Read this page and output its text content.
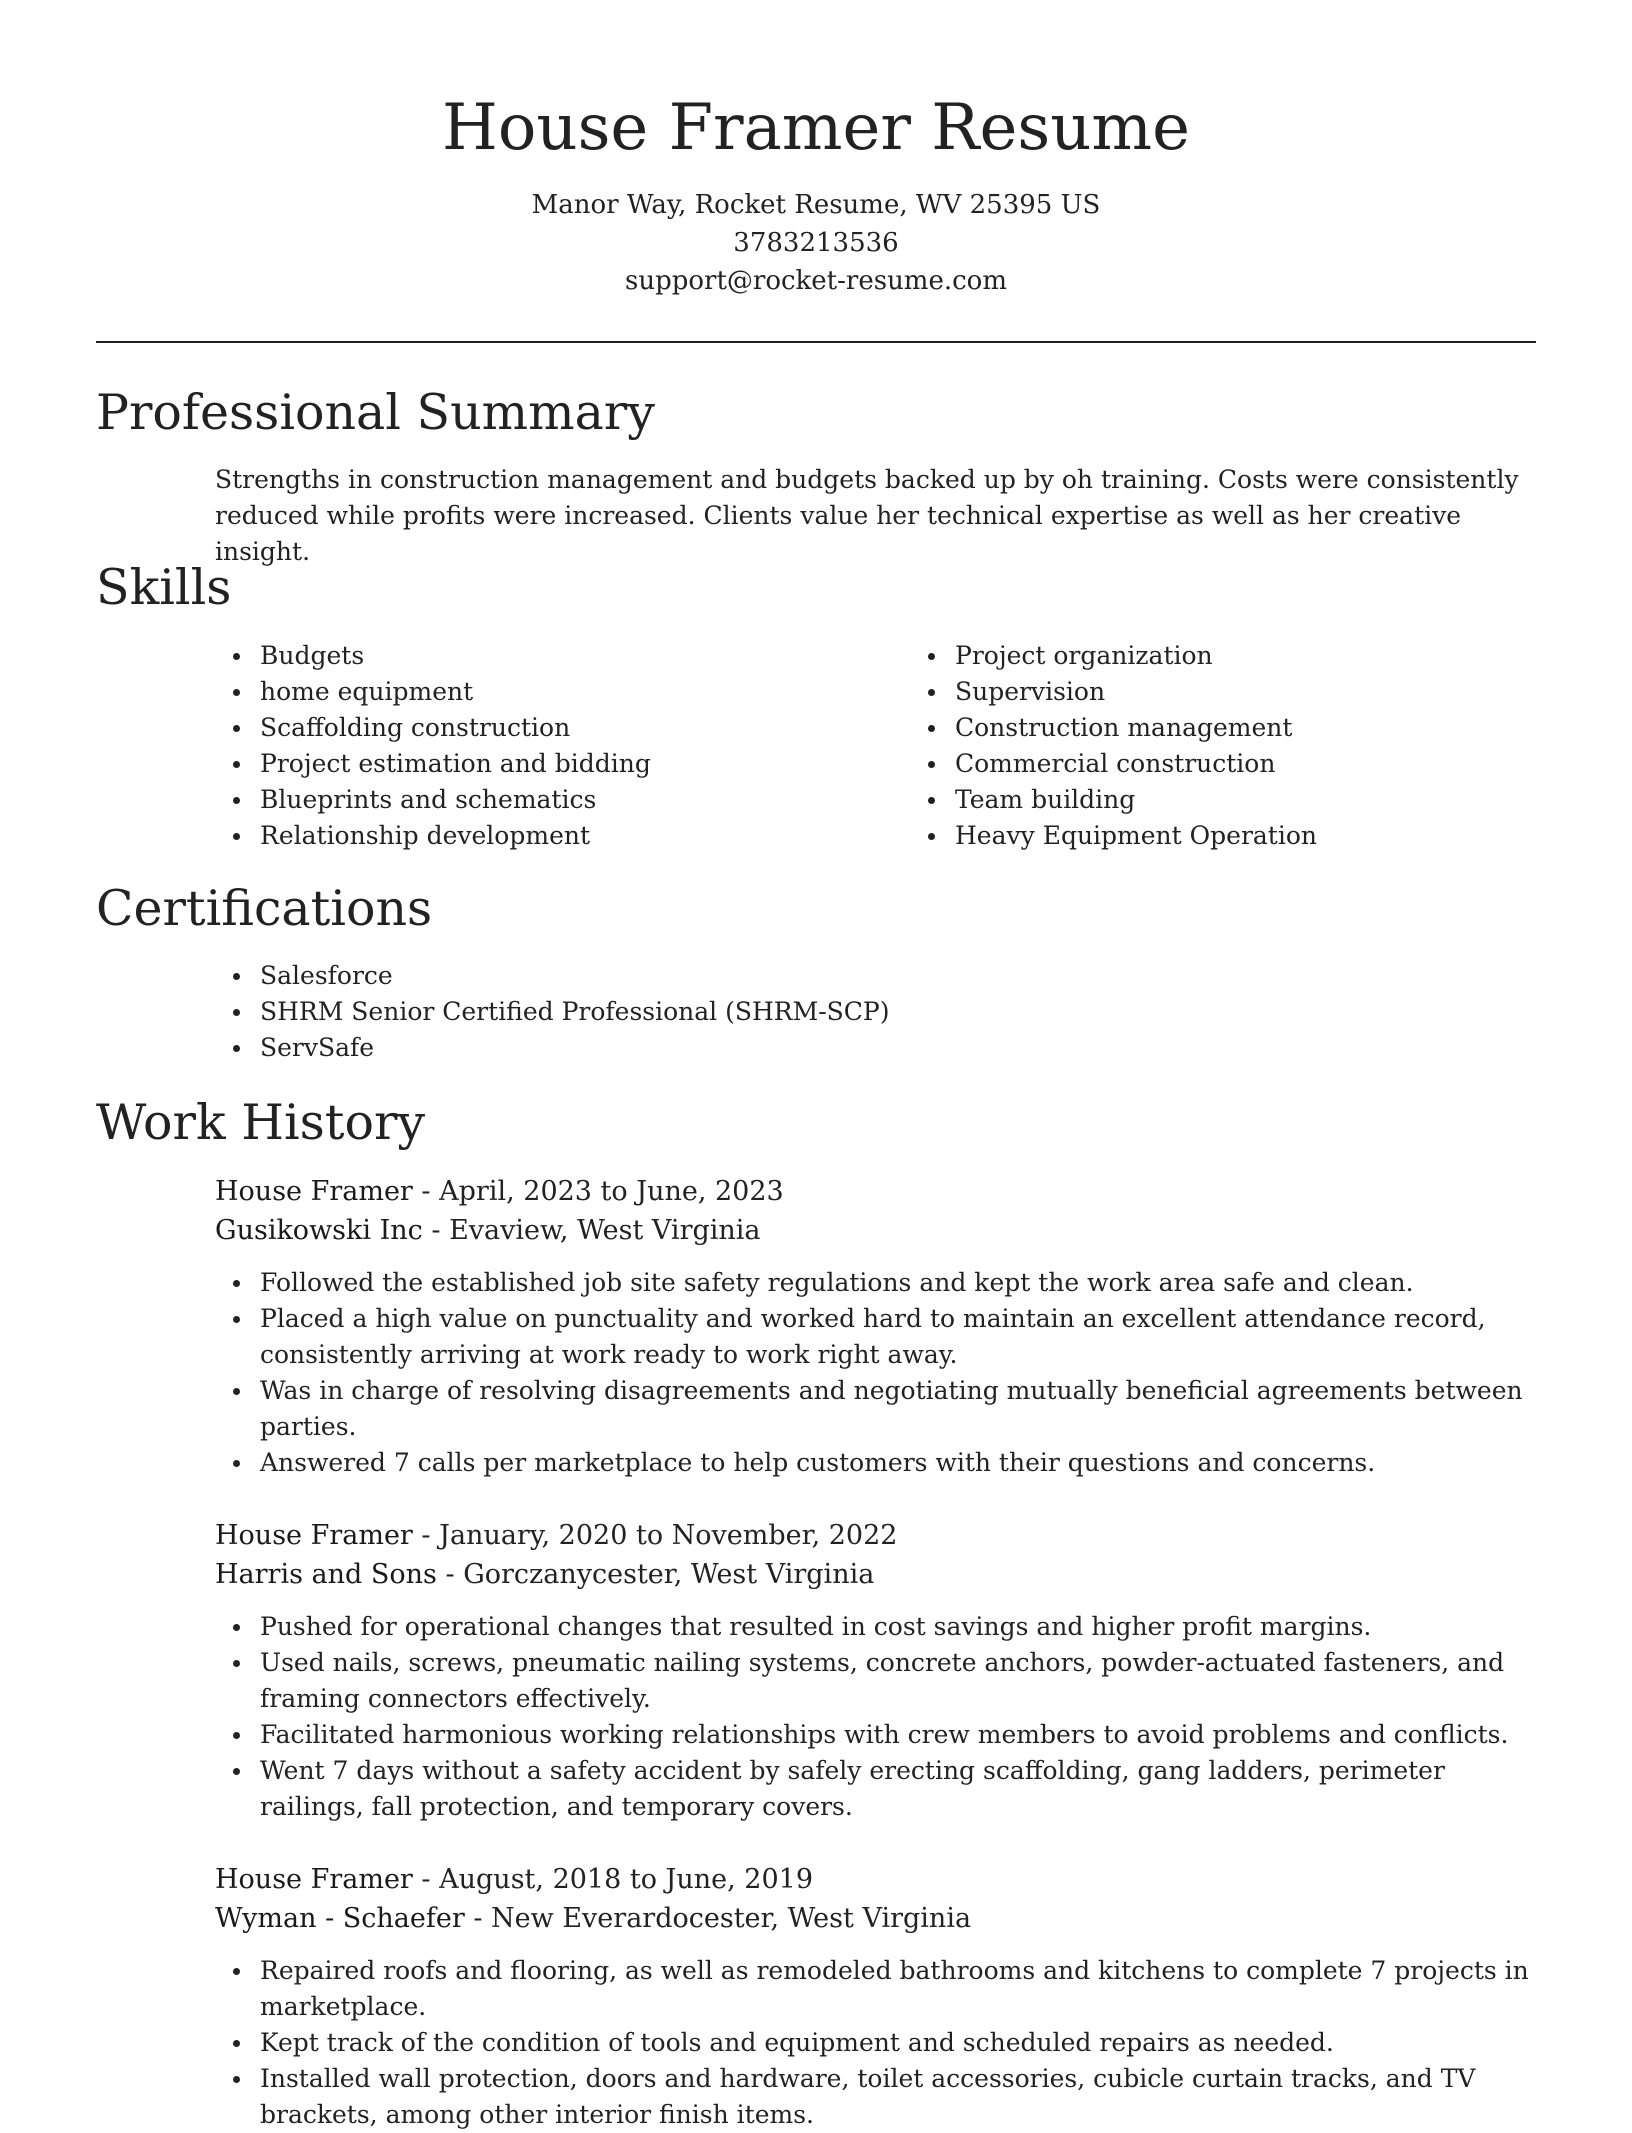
House Framer Resume
Manor Way, Rocket Resume, WV 25395 US
3783213536
support@rocket-resume.com
Professional Summary
Strengths in construction management and budgets backed up by oh training. Costs were consistently reduced while profits were increased. Clients value her technical expertise as well as her creative insight.
Skills
Budgets
home equipment
Scaffolding construction
Project estimation and bidding
Blueprints and schematics
Relationship development
Project organization
Supervision
Construction management
Commercial construction
Team building
Heavy Equipment Operation
Certifications
Salesforce
SHRM Senior Certified Professional (SHRM-SCP)
ServSafe
Work History
House Framer - April, 2023 to June, 2023
Gusikowski Inc - Evaview, West Virginia
Followed the established job site safety regulations and kept the work area safe and clean.
Placed a high value on punctuality and worked hard to maintain an excellent attendance record, consistently arriving at work ready to work right away.
Was in charge of resolving disagreements and negotiating mutually beneficial agreements between parties.
Answered 7 calls per marketplace to help customers with their questions and concerns.
House Framer - January, 2020 to November, 2022
Harris and Sons - Gorczanycester, West Virginia
Pushed for operational changes that resulted in cost savings and higher profit margins.
Used nails, screws, pneumatic nailing systems, concrete anchors, powder-actuated fasteners, and framing connectors effectively.
Facilitated harmonious working relationships with crew members to avoid problems and conflicts.
Went 7 days without a safety accident by safely erecting scaffolding, gang ladders, perimeter railings, fall protection, and temporary covers.
House Framer - August, 2018 to June, 2019
Wyman - Schaefer - New Everardocester, West Virginia
Repaired roofs and flooring, as well as remodeled bathrooms and kitchens to complete 7 projects in marketplace.
Kept track of the condition of tools and equipment and scheduled repairs as needed.
Installed wall protection, doors and hardware, toilet accessories, cubicle curtain tracks, and TV brackets, among other interior finish items.
